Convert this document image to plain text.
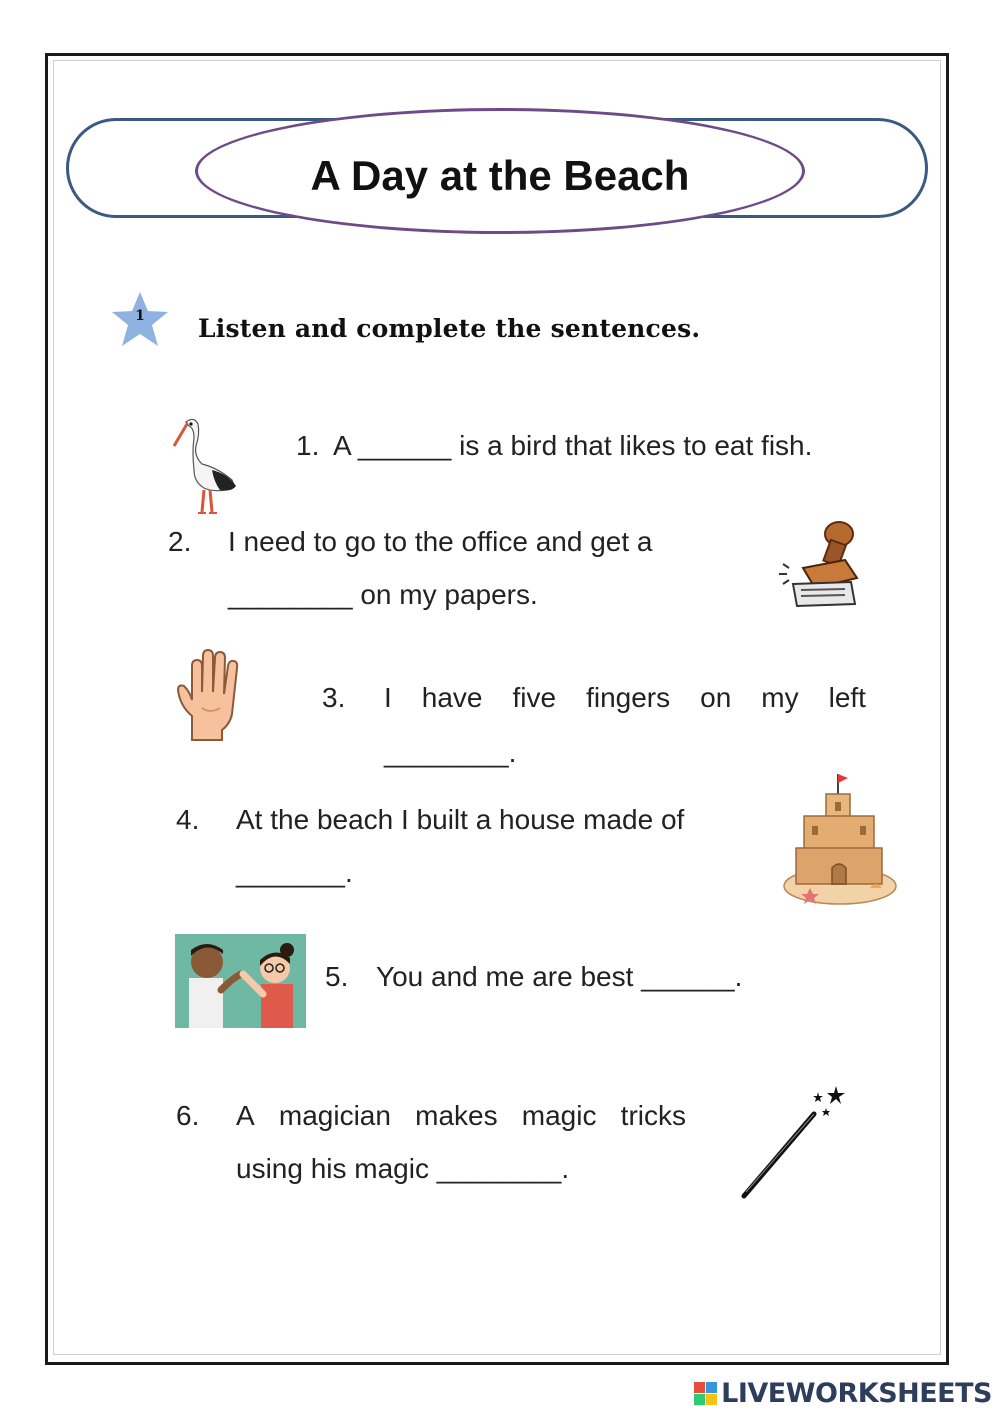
A Day at the Beach
1	Listen and complete the sentences.
1. A ______ is a bird that likes to eat fish.
2. I need to go to the office and get a
________ on my papers.
3. I have five fingers on my left
________.
4. At the beach I built a house made of
_______.
5. You and me are best ______.
6. A magician makes magic tricks
using his magic ________.
LIVEWORKSHEETS
